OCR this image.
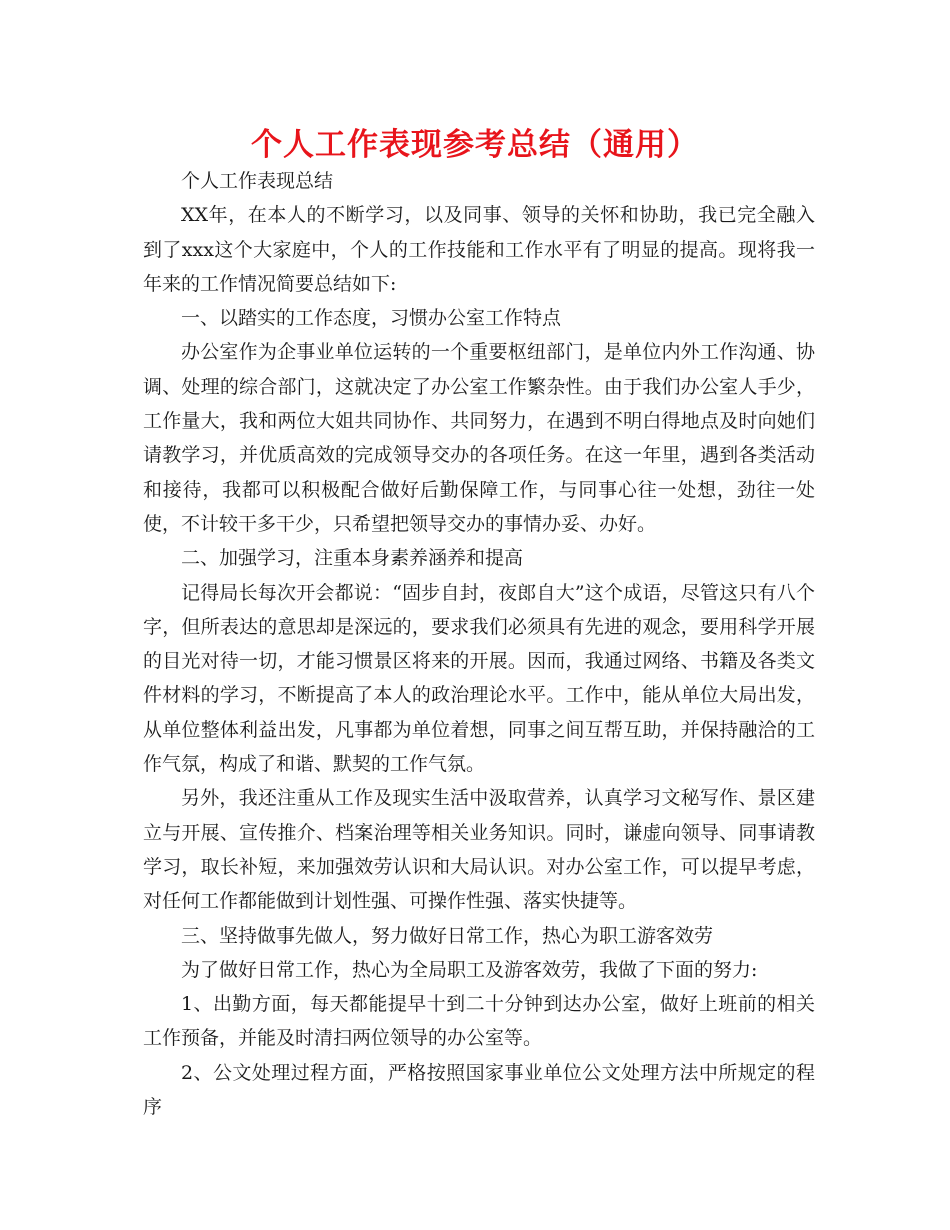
个人工作表现参考总结（通用）

个人工作表现总结

XX年，在本人的不断学习，以及同事、领导的关怀和协助，我已完全融入到了xxx这个大家庭中，个人的工作技能和工作水平有了明显的提高。现将我一年来的工作情况简要总结如下:

一、以踏实的工作态度，习惯办公室工作特点

办公室作为企事业单位运转的一个重要枢纽部门，是单位内外工作沟通、协调、处理的综合部门，这就决定了办公室工作繁杂性。由于我们办公室人手少，工作量大，我和两位大姐共同协作、共同努力，在遇到不明白得地点及时向她们请教学习，并优质高效的完成领导交办的各项任务。在这一年里，遇到各类活动和接待，我都可以积极配合做好后勤保障工作，与同事心往一处想，劲往一处使，不计较干多干少，只希望把领导交办的事情办妥、办好。

二、加强学习，注重本身素养涵养和提高

记得局长每次开会都说：“固步自封，夜郎自大”这个成语，尽管这只有八个字，但所表达的意思却是深远的，要求我们必须具有先进的观念，要用科学开展的目光对待一切，才能习惯景区将来的开展。因而，我通过网络、书籍及各类文件材料的学习，不断提高了本人的政治理论水平。工作中，能从单位大局出发，从单位整体利益出发，凡事都为单位着想，同事之间互帮互助，并保持融洽的工作气氛，构成了和谐、默契的工作气氛。

另外，我还注重从工作及现实生活中汲取营养，认真学习文秘写作、景区建立与开展、宣传推介、档案治理等相关业务知识。同时，谦虚向领导、同事请教学习，取长补短，来加强效劳认识和大局认识。对办公室工作，可以提早考虑，对任何工作都能做到计划性强、可操作性强、落实快捷等。

三、坚持做事先做人，努力做好日常工作，热心为职工游客效劳

为了做好日常工作，热心为全局职工及游客效劳，我做了下面的努力:

1、出勤方面，每天都能提早十到二十分钟到达办公室，做好上班前的相关工作预备，并能及时清扫两位领导的办公室等。

2、公文处理过程方面，严格按照国家事业单位公文处理方法中所规定的程序
